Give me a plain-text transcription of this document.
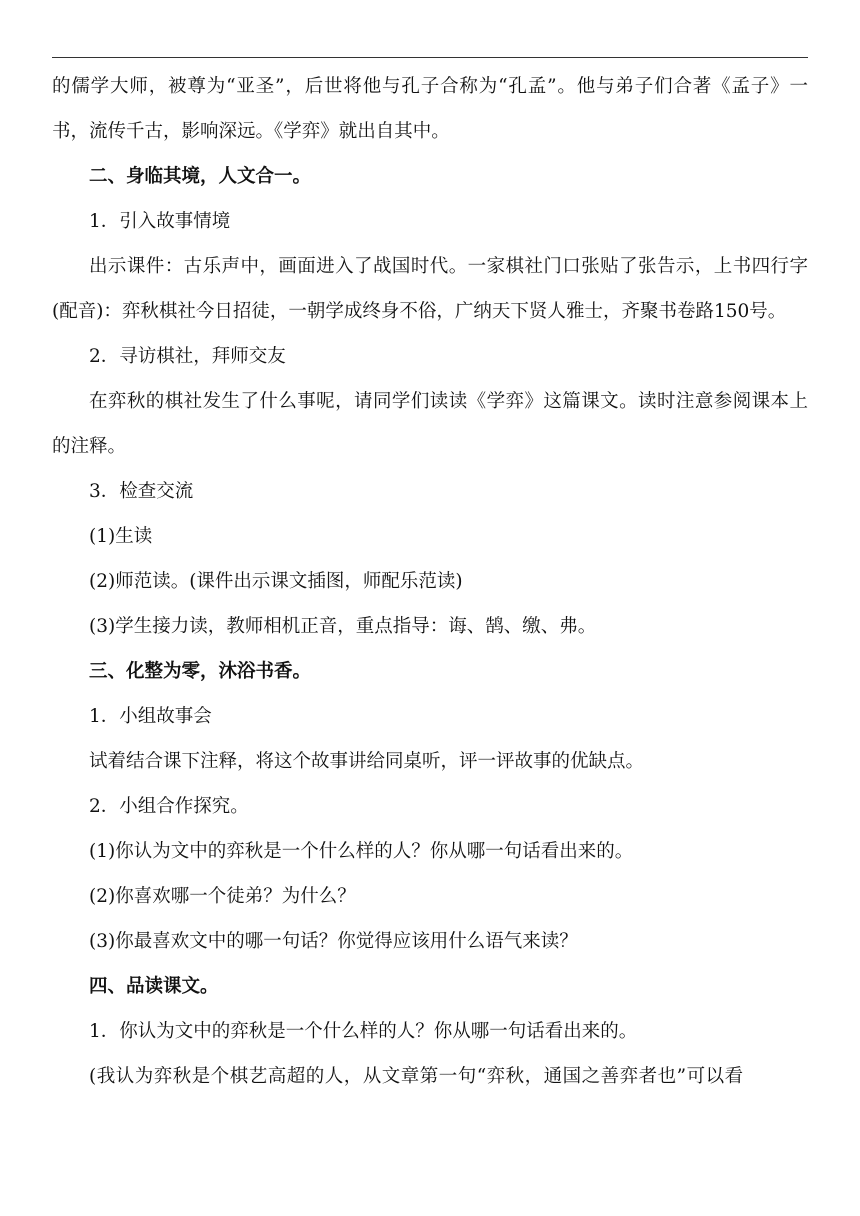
的儒学大师，被尊为“亚圣”，后世将他与孔子合称为“孔孟”。他与弟子们合著《孟子》一书，流传千古，影响深远。《学弈》就出自其中。

二、身临其境，人文合一。

1．引入故事情境

出示课件：古乐声中，画面进入了战国时代。一家棋社门口张贴了张告示，上书四行字(配音)：弈秋棋社今日招徒，一朝学成终身不俗，广纳天下贤人雅士，齐聚书卷路150号。

2．寻访棋社，拜师交友

在弈秋的棋社发生了什么事呢，请同学们读读《学弈》这篇课文。读时注意参阅课本上的注释。

3．检查交流

(1)生读

(2)师范读。(课件出示课文插图，师配乐范读)

(3)学生接力读，教师相机正音，重点指导：诲、鹄、缴、弗。

三、化整为零，沐浴书香。

1．小组故事会

试着结合课下注释，将这个故事讲给同桌听，评一评故事的优缺点。

2．小组合作探究。

(1)你认为文中的弈秋是一个什么样的人？你从哪一句话看出来的。

(2)你喜欢哪一个徒弟？为什么？

(3)你最喜欢文中的哪一句话？你觉得应该用什么语气来读？

四、品读课文。

1．你认为文中的弈秋是一个什么样的人？你从哪一句话看出来的。

(我认为弈秋是个棋艺高超的人，从文章第一句“弈秋，通国之善弈者也”可以看
